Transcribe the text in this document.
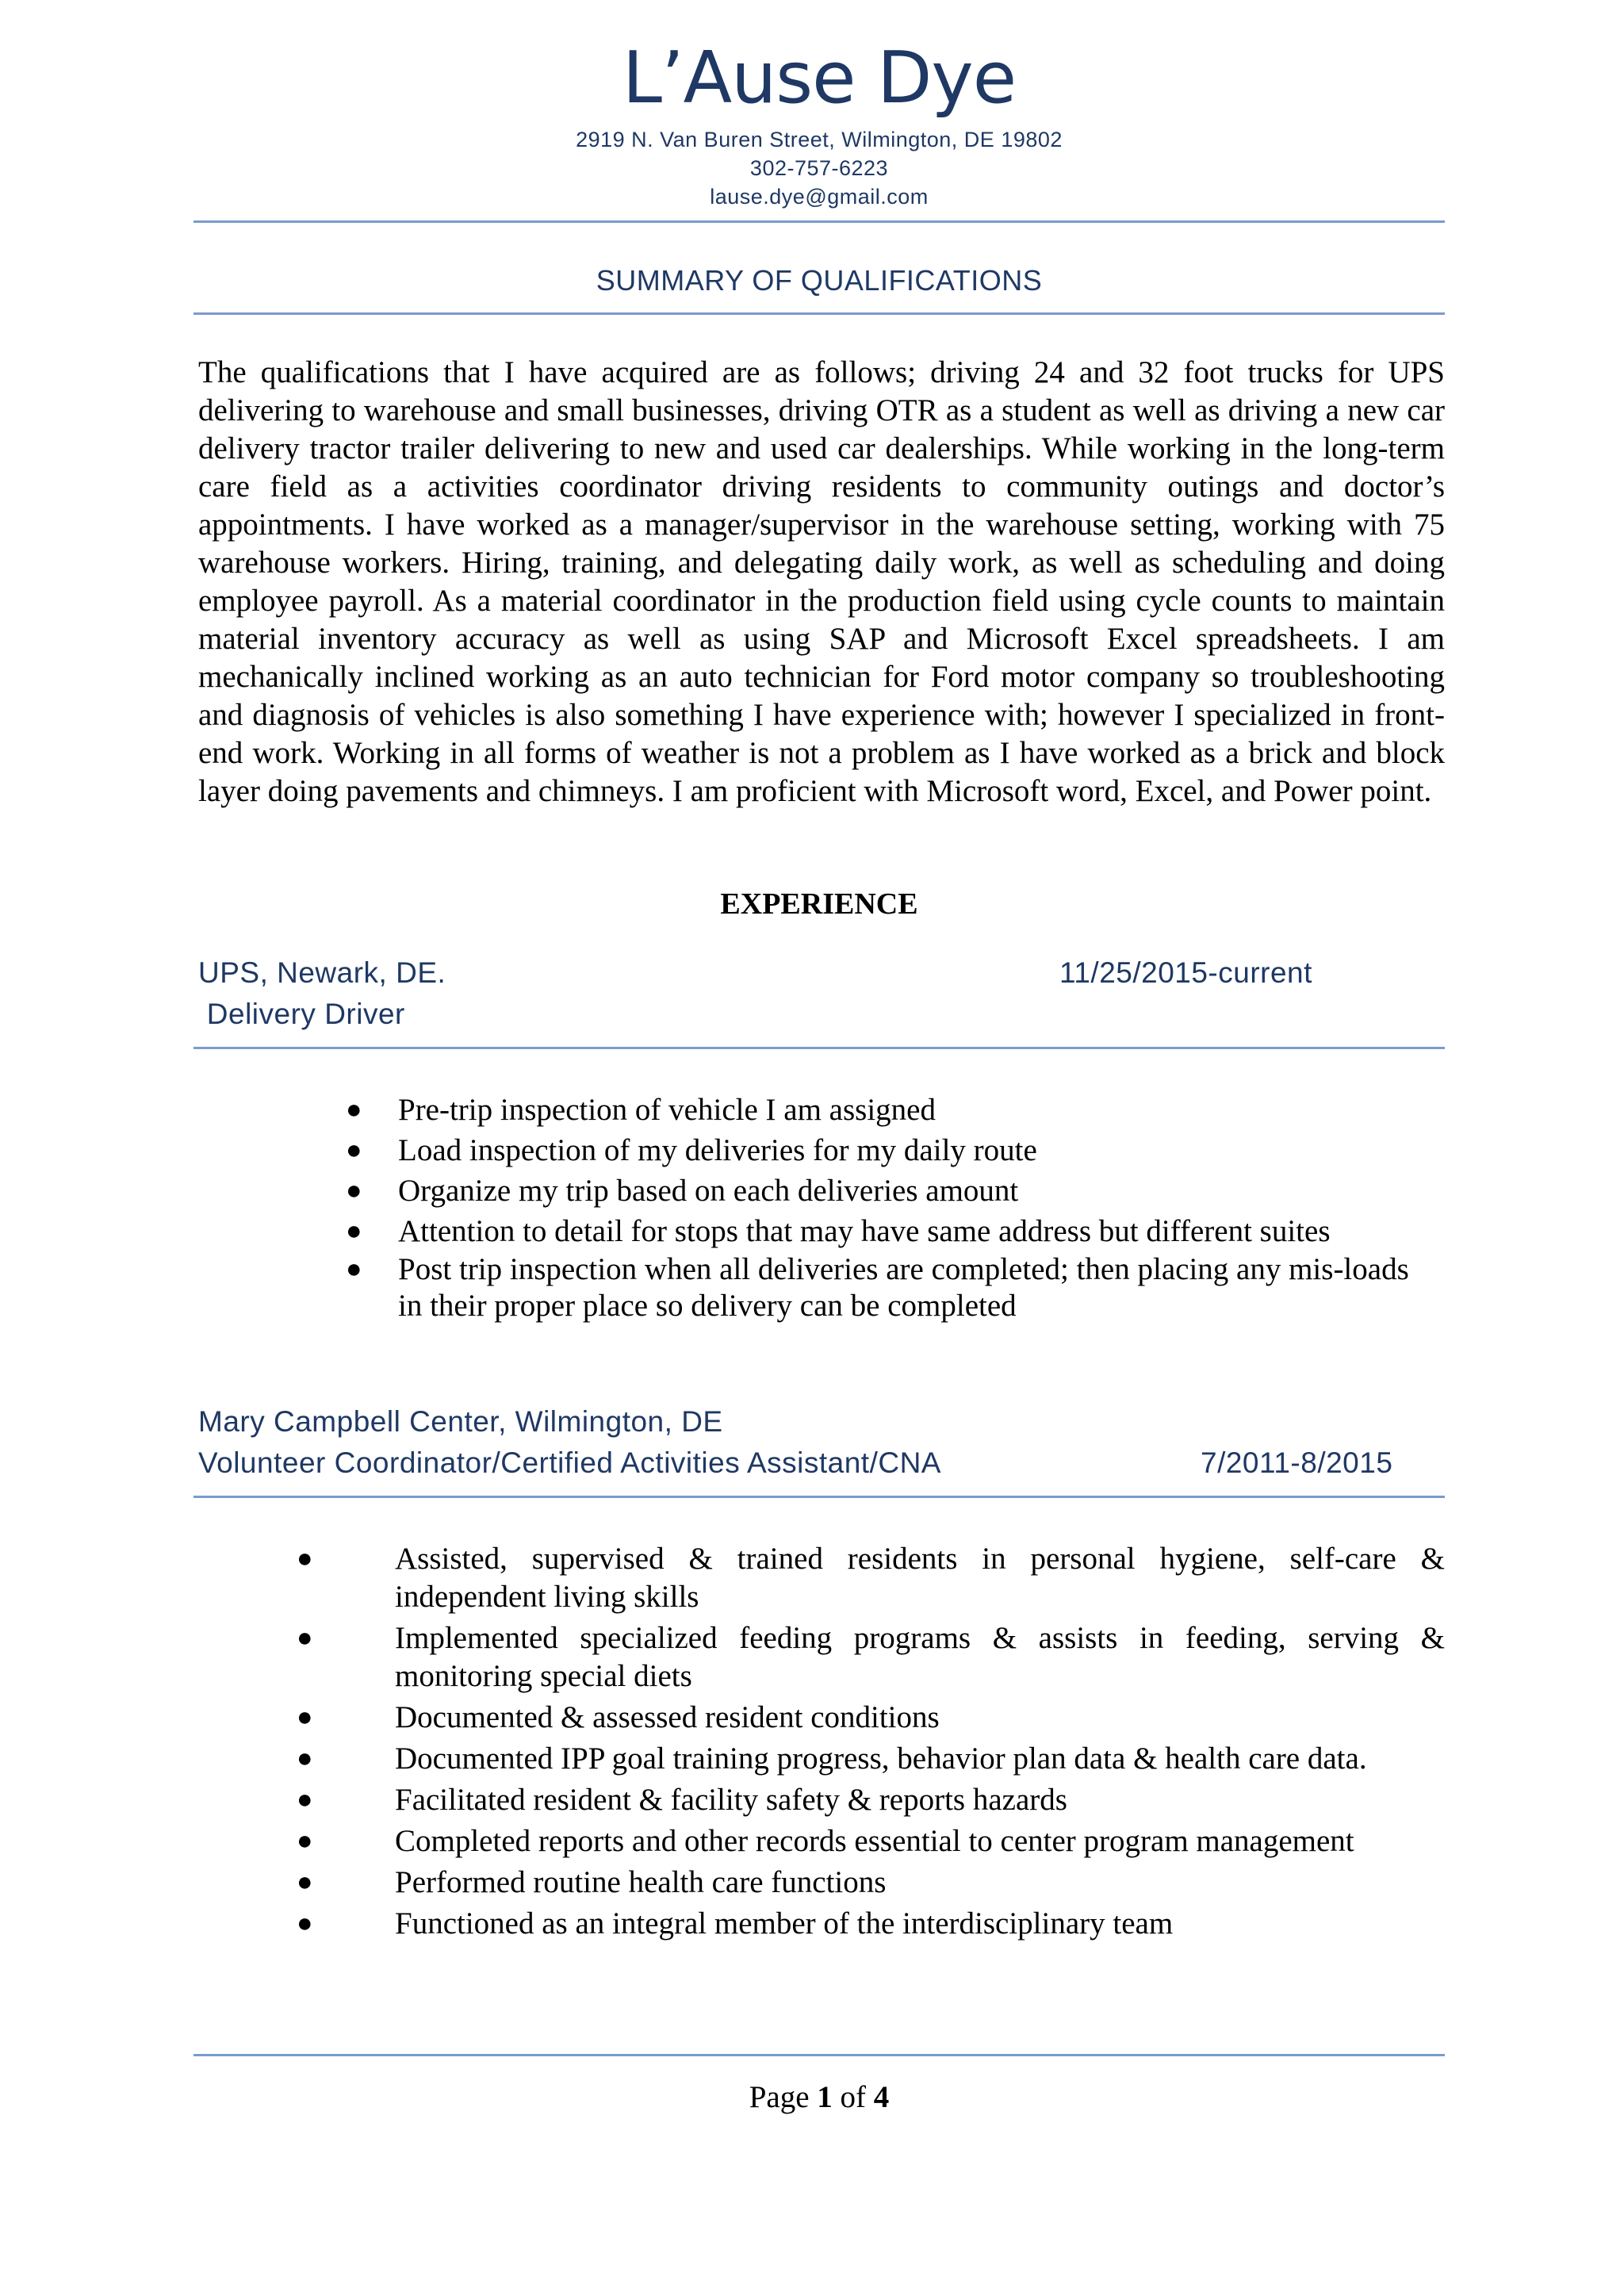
L’Ause Dye
2919 N. Van Buren Street, Wilmington, DE 19802
302-757-6223
lause.dye@gmail.com
SUMMARY OF QUALIFICATIONS
The qualifications that I have acquired are as follows; driving 24 and 32 foot trucks for UPS delivering to warehouse and small businesses, driving OTR as a student as well as driving a new car delivery tractor trailer delivering to new and used car dealerships. While working in the long-term care field as a activities coordinator driving residents to community outings and doctor’s appointments. I have worked as a manager/supervisor in the warehouse setting, working with 75 warehouse workers. Hiring, training, and delegating daily work, as well as scheduling and doing employee payroll. As a material coordinator in the production field using cycle counts to maintain material inventory accuracy as well as using SAP and Microsoft Excel spreadsheets. I am mechanically inclined working as an auto technician for Ford motor company so troubleshooting and diagnosis of vehicles is also something I have experience with; however I specialized in front-end work. Working in all forms of weather is not a problem as I have worked as a brick and block layer doing pavements and chimneys. I am proficient with Microsoft word, Excel, and Power point.
EXPERIENCE
UPS, Newark, DE.	11/25/2015-current
Delivery Driver
● Pre-trip inspection of vehicle I am assigned
● Load inspection of my deliveries for my daily route
● Organize my trip based on each deliveries amount
● Attention to detail for stops that may have same address but different suites
● Post trip inspection when all deliveries are completed; then placing any mis-loads in their proper place so delivery can be completed
Mary Campbell Center, Wilmington, DE
Volunteer Coordinator/Certified Activities Assistant/CNA	7/2011-8/2015
●	Assisted, supervised & trained residents in personal hygiene, self-care & independent living skills
●	Implemented specialized feeding programs & assists in feeding, serving & monitoring special diets
●	Documented & assessed resident conditions
●	Documented IPP goal training progress, behavior plan data & health care data.
●	Facilitated resident & facility safety & reports hazards
●	Completed reports and other records essential to center program management
●	Performed routine health care functions
●	Functioned as an integral member of the interdisciplinary team
Page 1 of 4
